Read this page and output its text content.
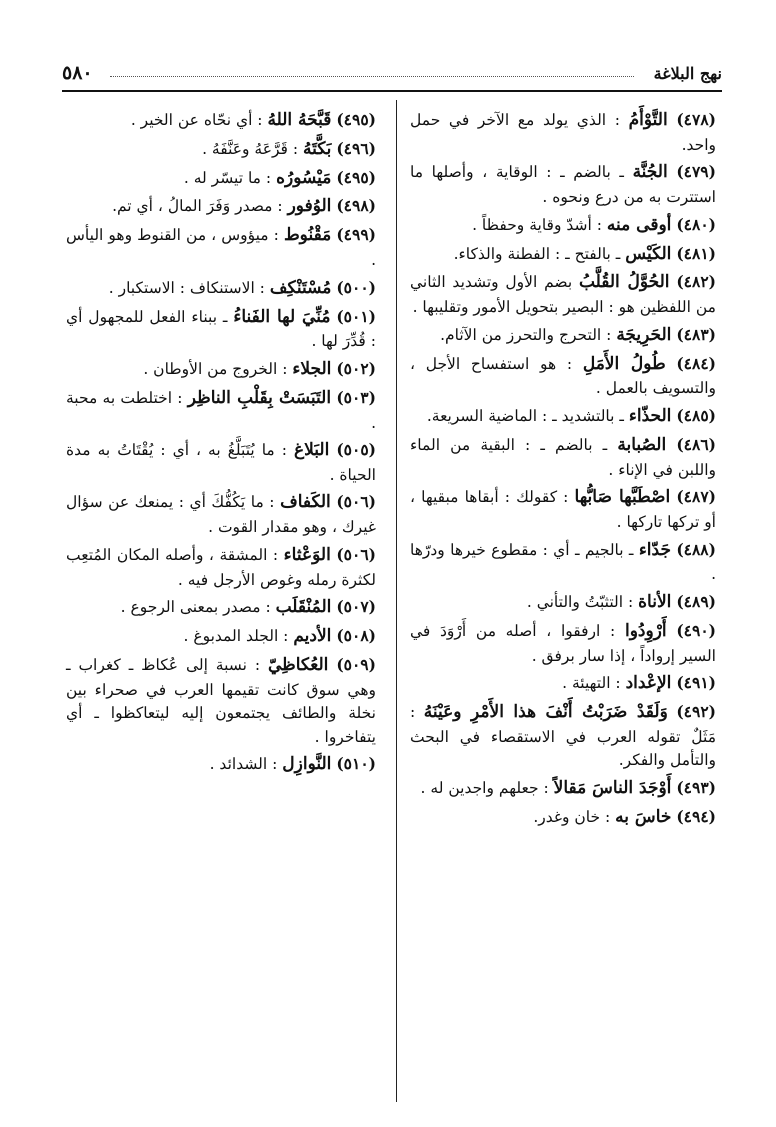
٥٨٠	نهج البلاغة
( ٤٧٨ ) التَّوْأَمُ : الذي يولد مع الآخر في حمل واحد.
( ٤٧٩ ) الجُنَّة ـ بالضم ـ : الوقاية ، وأصلها ما استترت به من درع ونحوه .
( ٤٨٠ ) أوقى منه : أشدّ وقاية وحفظاً .
( ٤٨١ ) الكَيْس ـ بالفتح ـ : الفطنة والذكاء.
( ٤٨٢ ) الحُوَّلُ القُلَّبُ بضم الأول وتشديد الثاني من اللفظين هو : البصير بتحويل الأمور وتقليبها .
( ٤٨٣ ) الحَرِيجَة : التحرج والتحرز من الآثام.
( ٤٨٤ ) طُولُ الأَمَلِ : هو استفساح الأجل ، والتسويف بالعمل .
( ٤٨٥ ) الحذّاء ـ بالتشديد ـ : الماضية السريعة.
( ٤٨٦ ) الصُبابة ـ بالضم ـ : البقية من الماء واللبن في الإناء .
( ٤٨٧ ) اصْطَبَّها صَابُّها : كقولك : أبقاها مبقيها ، أو تركها تاركها .
( ٤٨٨ ) جَدّاء ـ بالجيم ـ أي : مقطوع خيرها ودرّها .
( ٤٨٩ ) الأناة : التثبّتُ والتأني .
( ٤٩٠ ) أَرْوِدُوا : ارفقوا ، أصله من أَرْوَدَ في السير إرواداً ، إذا سار برفق .
( ٤٩١ ) الإعْداد : التهيئة .
( ٤٩٢ ) وَلَقَدْ ضَرَبْتُ أَنْفَ هذا الأَمْرِ وعَيْنَهُ : مَثَلٌ تقوله العرب في الاستقصاء في البحث والتأمل والفكر.
( ٤٩٣ ) أَوْجَدَ الناسَ مَقالاً : جعلهم واجدين له .
( ٤٩٤ ) خاسَ به : خان وغدر.
( ٤٩٥ ) قَبَّحَهُ اللهُ : أي نحّاه عن الخير .
( ٤٩٦ ) بَكَّتَهُ : قَرَّعَهُ وعَنَّفَهُ .
( ٤٩٥ ) مَيْسُورُه : ما تيسّر له .
( ٤٩٨ ) الوُفور : مصدر وَفَرَ المالُ ، أي تم.
( ٤٩٩ ) مَقْنُوط : ميؤوس ، من القنوط وهو اليأس .
( ٥٠٠ ) مُسْتَنْكِف : الاستنكاف : الاستكبار .
( ٥٠١ ) مُنِّيَ لها الفَناءُ ـ ببناء الفعل للمجهول أي : قُدِّرَ لها .
( ٥٠٢ ) الجلاء : الخروج من الأوطان .
( ٥٠٣ ) التَبَسَتْ بِقَلْبِ الناظِر : اختلطت به محبة .
( ٥٠٥ ) البَلاغ : ما يُتَبَلَّغُ به ، أي : يُقْتَاتُ به مدة الحياة .
( ٥٠٦ ) الكَفاف : ما يَكُفُّكَ أي : يمنعك عن سؤال غيرك ، وهو مقدار القوت .
( ٥٠٦ ) الوَعْثاء : المشقة ، وأصله المكان المُتعِب لكثرة رمله وغوص الأرجل فيه .
( ٥٠٧ ) المُنْقَلَب : مصدر بمعنى الرجوع .
( ٥٠٨ ) الأديم : الجلد المدبوغ .
( ٥٠٩ ) العُكاظِيّ : نسبة إلى عُكاظ ـ كغراب ـ وهي سوق كانت تقيمها العرب في صحراء بين نخلة والطائف يجتمعون إليه ليتعاكظوا ـ أي يتفاخروا .
( ٥١٠ ) النَّوازِل : الشدائد .
